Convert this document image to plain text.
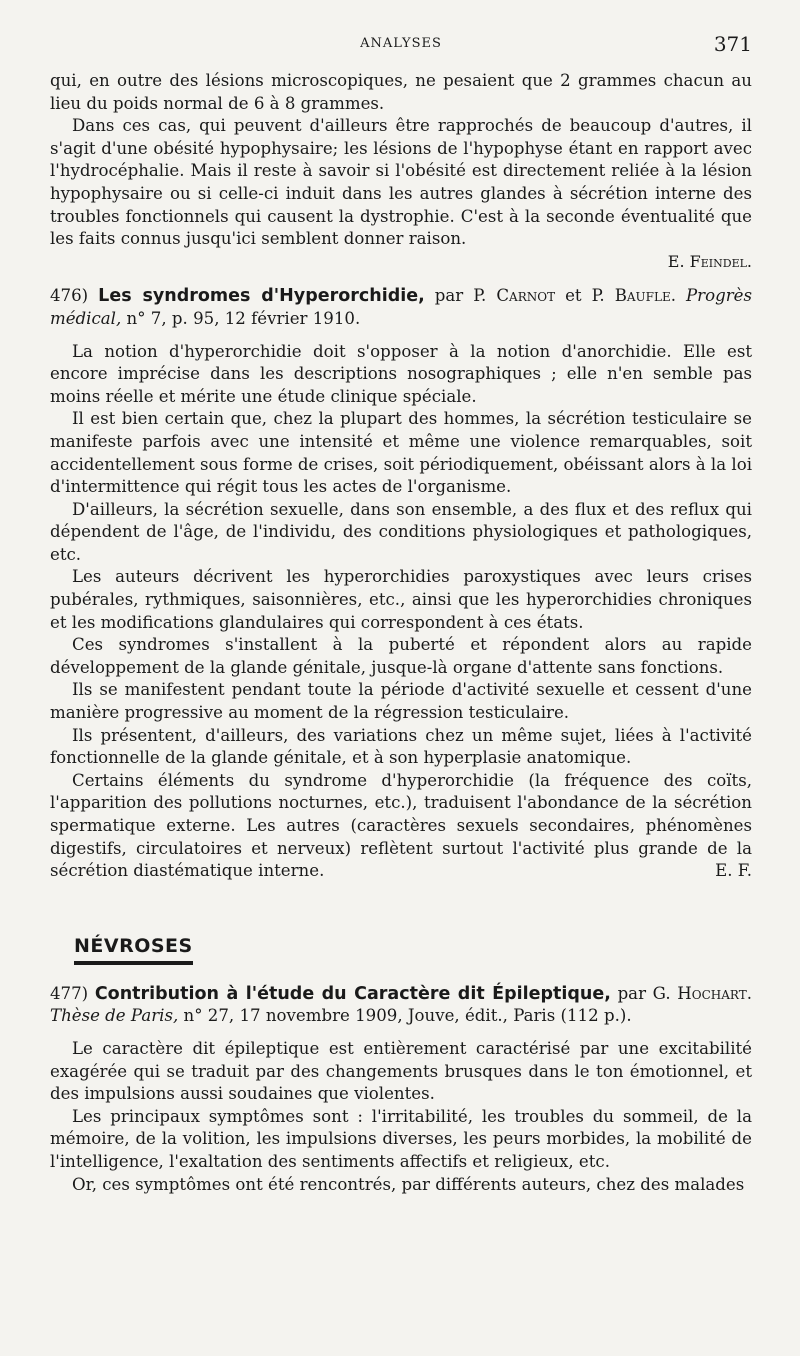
ANALYSES	371

qui, en outre des lésions microscopiques, ne pesaient que 2 grammes chacun au lieu du poids normal de 6 à 8 grammes.

Dans ces cas, qui peuvent d'ailleurs être rapprochés de beaucoup d'autres, il s'agit d'une obésité hypophysaire; les lésions de l'hypophyse étant en rapport avec l'hydrocéphalie. Mais il reste à savoir si l'obésité est directement reliée à la lésion hypophysaire ou si celle-ci induit dans les autres glandes à sécrétion interne des troubles fonctionnels qui causent la dystrophie. C'est à la seconde éventualité que les faits connus jusqu'ici semblent donner raison.

E. Feindel.
476) Les syndromes d'Hyperorchidie, par P. Carnot et P. Baufle. Progrès médical, n° 7, p. 95, 12 février 1910.

La notion d'hyperorchidie doit s'opposer à la notion d'anorchidie. Elle est encore imprécise dans les descriptions nosographiques ; elle n'en semble pas moins réelle et mérite une étude clinique spéciale.

Il est bien certain que, chez la plupart des hommes, la sécrétion testiculaire se manifeste parfois avec une intensité et même une violence remarquables, soit accidentellement sous forme de crises, soit périodiquement, obéissant alors à la loi d'intermittence qui régit tous les actes de l'organisme.

D'ailleurs, la sécrétion sexuelle, dans son ensemble, a des flux et des reflux qui dépendent de l'âge, de l'individu, des conditions physiologiques et pathologiques, etc.

Les auteurs décrivent les hyperorchidies paroxystiques avec leurs crises pubérales, rythmiques, saisonnières, etc., ainsi que les hyperorchidies chroniques et les modifications glandulaires qui correspondent à ces états.

Ces syndromes s'installent à la puberté et répondent alors au rapide développement de la glande génitale, jusque-là organe d'attente sans fonctions.

Ils se manifestent pendant toute la période d'activité sexuelle et cessent d'une manière progressive au moment de la régression testiculaire.

Ils présentent, d'ailleurs, des variations chez un même sujet, liées à l'activité fonctionnelle de la glande génitale, et à son hyperplasie anatomique.

Certains éléments du syndrome d'hyperorchidie (la fréquence des coïts, l'apparition des pollutions nocturnes, etc.), traduisent l'abondance de la sécrétion spermatique externe. Les autres (caractères sexuels secondaires, phénomènes digestifs, circulatoires et nerveux) reflètent surtout l'activité plus grande de la sécrétion diastématique interne.	E. F.

NÉVROSES
477) Contribution à l'étude du Caractère dit Épileptique, par G. Hochart. Thèse de Paris, n° 27, 17 novembre 1909, Jouve, édit., Paris (112 p.).

Le caractère dit épileptique est entièrement caractérisé par une excitabilité exagérée qui se traduit par des changements brusques dans le ton émotionnel, et des impulsions aussi soudaines que violentes.

Les principaux symptômes sont : l'irritabilité, les troubles du sommeil, de la mémoire, de la volition, les impulsions diverses, les peurs morbides, la mobilité de l'intelligence, l'exaltation des sentiments affectifs et religieux, etc.

Or, ces symptômes ont été rencontrés, par différents auteurs, chez des malades
